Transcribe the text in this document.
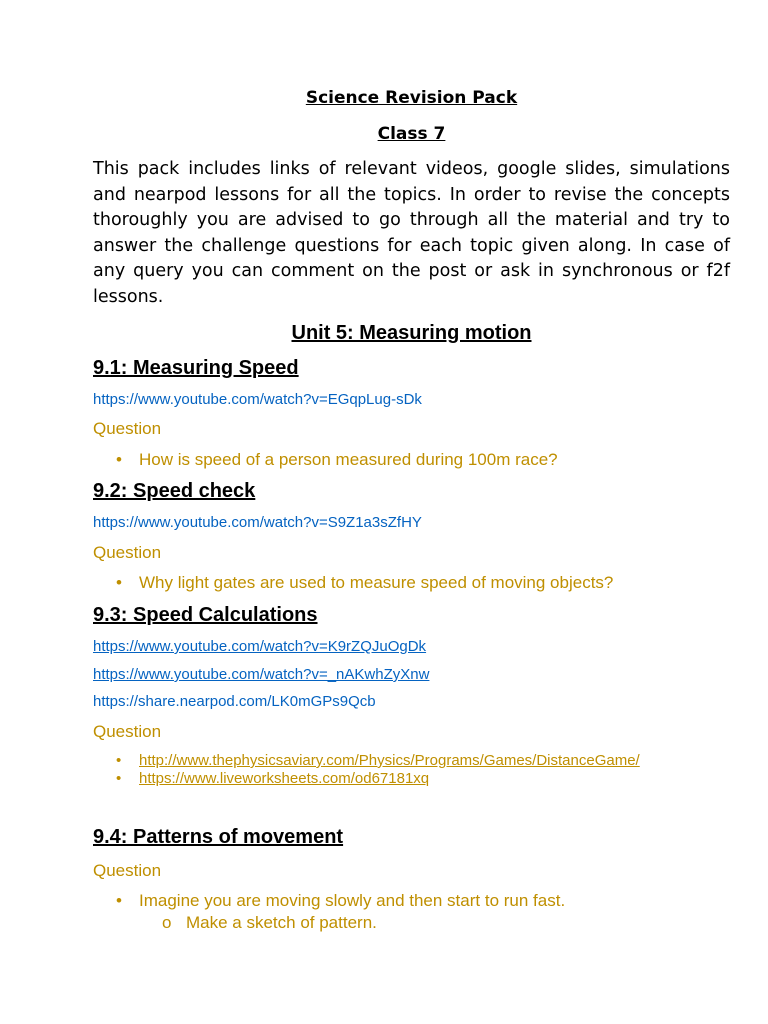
Science Revision Pack
Class 7
This pack includes links of relevant videos, google slides, simulations and nearpod lessons for all the topics. In order to revise the concepts thoroughly you are advised to go through all the material and try to answer the challenge questions for each topic given along. In case of any query you can comment on the post or ask in synchronous or f2f lessons.
Unit 5: Measuring motion
9.1: Measuring Speed
https://www.youtube.com/watch?v=EGqpLug-sDk
Question
• How is speed of a person measured during 100m race?
9.2: Speed check
https://www.youtube.com/watch?v=S9Z1a3sZfHY
Question
• Why light gates are used to measure speed of moving objects?
9.3: Speed Calculations
https://www.youtube.com/watch?v=K9rZQJuOgDk
https://www.youtube.com/watch?v=_nAKwhZyXnw
https://share.nearpod.com/LK0mGPs9Qcb
Question
• http://www.thephysicsaviary.com/Physics/Programs/Games/DistanceGame/
• https://www.liveworksheets.com/od67181xq
9.4: Patterns of movement
Question
• Imagine you are moving slowly and then start to run fast.
o Make a sketch of pattern.
